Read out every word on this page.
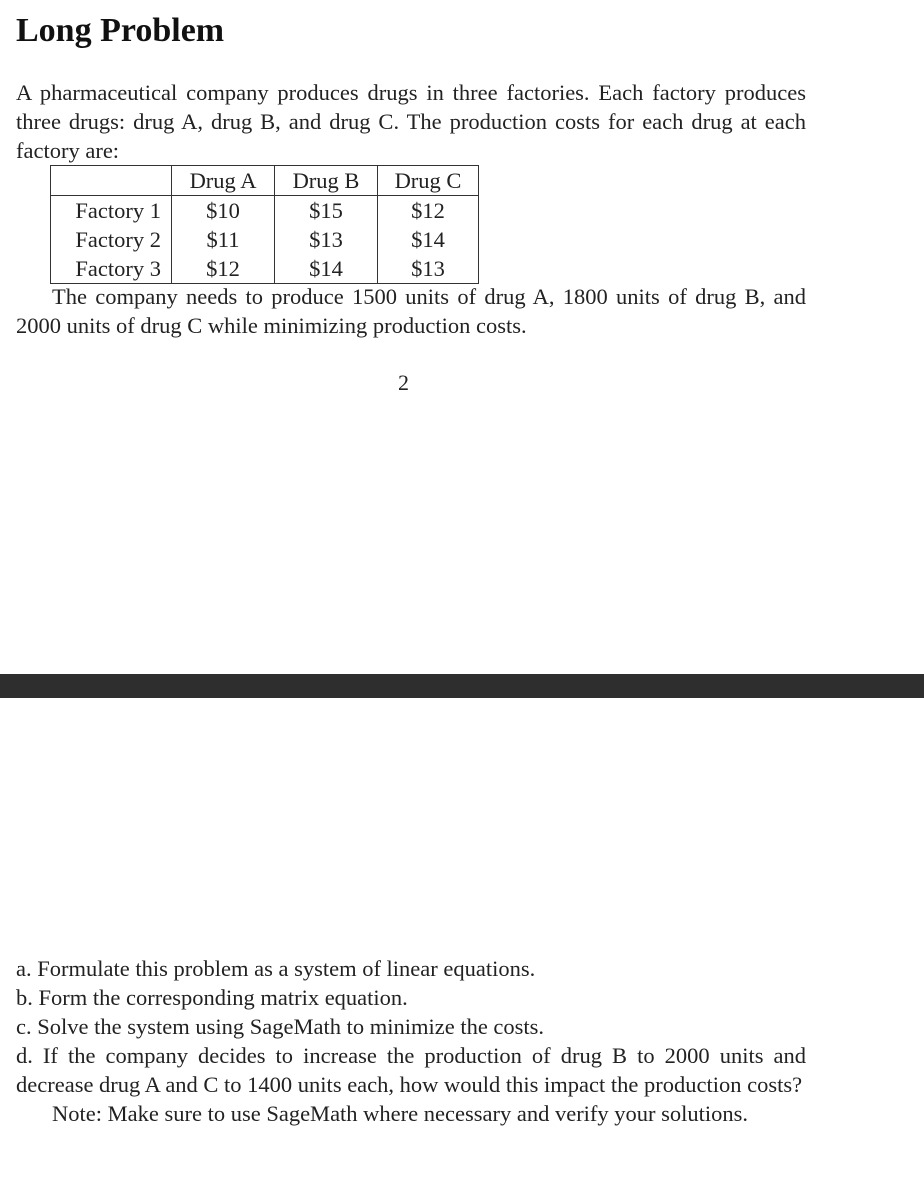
Long Problem
A pharmaceutical company produces drugs in three factories. Each factory produces three drugs: drug A, drug B, and drug C. The production costs for each drug at each factory are:
	Drug A	Drug B	Drug C
Factory 1	$10	$15	$12
Factory 2	$11	$13	$14
Factory 3	$12	$14	$13
The company needs to produce 1500 units of drug A, 1800 units of drug B, and 2000 units of drug C while minimizing production costs.
2
a. Formulate this problem as a system of linear equations.
b. Form the corresponding matrix equation.
c. Solve the system using SageMath to minimize the costs.
d. If the company decides to increase the production of drug B to 2000 units and decrease drug A and C to 1400 units each, how would this impact the production costs?
Note: Make sure to use SageMath where necessary and verify your solutions.
